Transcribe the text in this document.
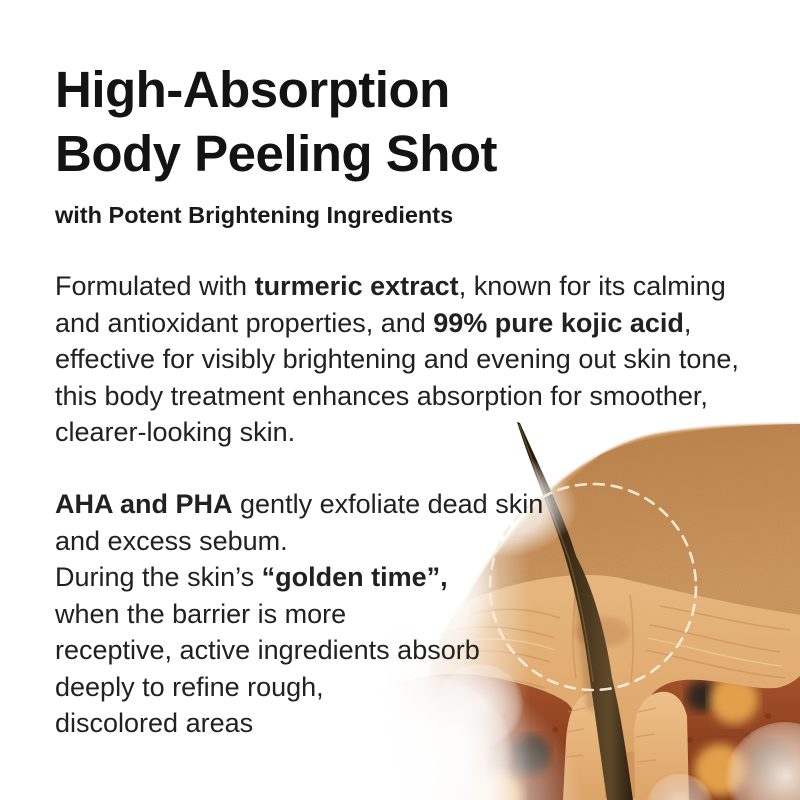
High-Absorption
Body Peeling Shot
with Potent Brightening Ingredients
Formulated with turmeric extract, known for its calming
and antioxidant properties, and 99% pure kojic acid,
effective for visibly brightening and evening out skin tone,
this body treatment enhances absorption for smoother,
clearer-looking skin.
AHA and PHA gently exfoliate dead skin
and excess sebum.
During the skin’s “golden time”,
when the barrier is more
receptive, active ingredients absorb
deeply to refine rough,
discolored areas
